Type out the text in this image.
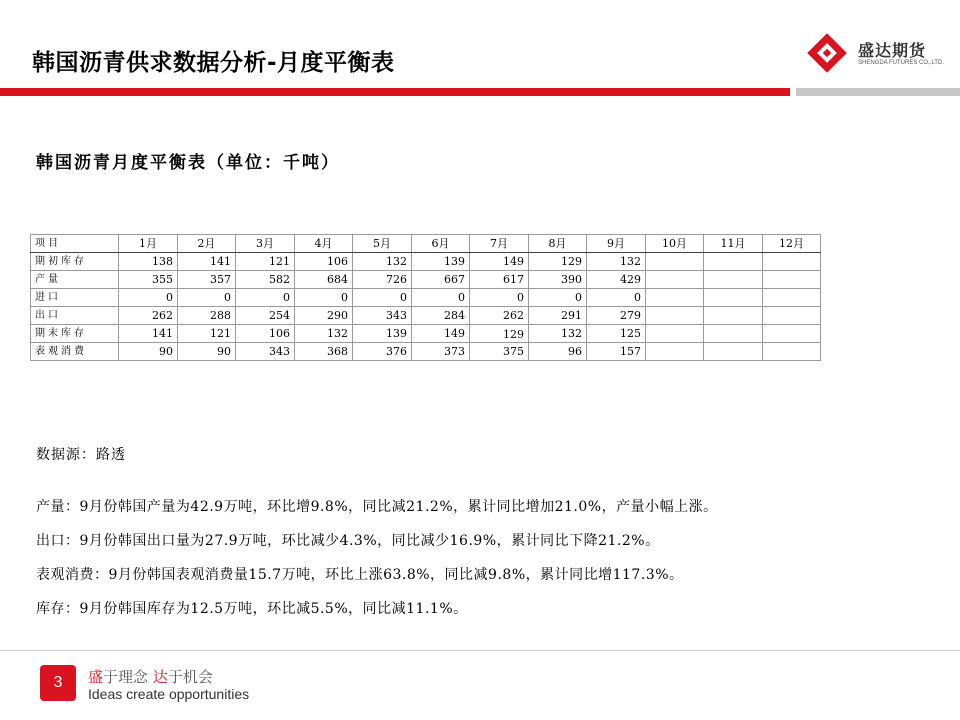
韩国沥青供求数据分析-月度平衡表	盛达期货
SHENGDA FUTURES CO.,LTD.
韩国沥青月度平衡表（单位：千吨）
项目	1月	2月	3月	4月	5月	6月	7月	8月	9月	10月	11月	12月
期初库存	138	141	121	106	132	139	149	129	132			
产量	355	357	582	684	726	667	617	390	429			
进口	0	0	0	0	0	0	0	0	0			
出口	262	288	254	290	343	284	262	291	279			
期末库存	141	121	106	132	139	149	129	132	125			
表观消费	90	90	343	368	376	373	375	96	157			
数据源：路透
产量：9月份韩国产量为42.9万吨，环比增9.8%，同比减21.2%，累计同比增加21.0%，产量小幅上涨。
出口：9月份韩国出口量为27.9万吨，环比减少4.3%，同比减少16.9%，累计同比下降21.2%。
表观消费：9月份韩国表观消费量15.7万吨，环比上涨63.8%，同比减9.8%，累计同比增117.3%。
库存：9月份韩国库存为12.5万吨，环比减5.5%，同比减11.1%。
3	盛于理念 达于机会
Ideas create opportunities
